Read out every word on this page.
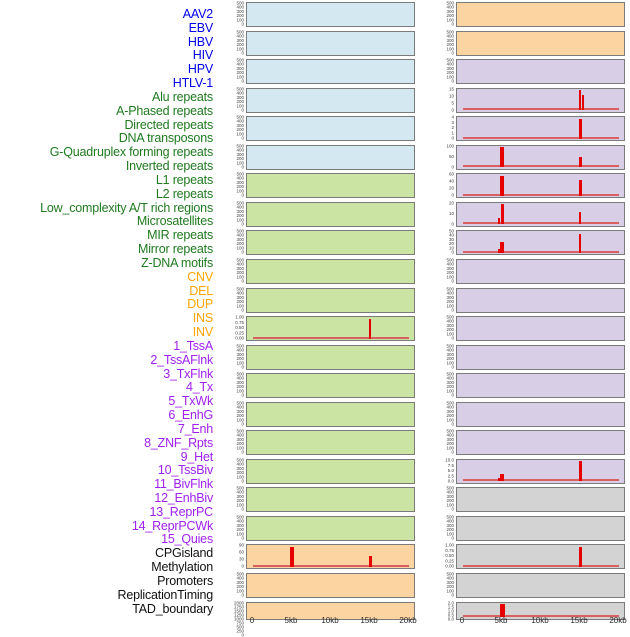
AAV2
EBV
HBV
HIV
HPV
HTLV-1
Alu repeats
A-Phased repeats
Directed repeats
DNA transposons
G-Quadruplex forming repeats
Inverted repeats
L1 repeats
L2 repeats
Low_complexity A/T rich regions
Microsatellites
MIR repeats
Mirror repeats
Z-DNA motifs
CNV
DEL
DUP
INS
INV
1_TssA
2_TssAFlnk
3_TxFlnk
4_Tx
5_TxWk
6_EnhG
7_Enh
8_ZNF_Rpts
9_Het
10_TssBiv
11_BivFlnk
12_EnhBiv
13_ReprPC
14_ReprPCWk
15_Quies
CPGisland
Methylation
Promoters
ReplicationTiming
TAD_boundary
500
400
300
200
100
0
500
400
300
200
100
0
500
400
300
200
100
0
500
400
300
200
100
0
500
400
300
200
100
0
500
400
300
200
100
0
500
400
300
200
100
0
500
400
300
200
100
0
500
400
300
200
100
0
500
400
300
200
100
0
500
400
300
200
100
0
1.00
0.75
0.50
0.25
0.00
500
400
300
200
100
0
500
400
300
200
100
0
500
400
300
200
100
0
500
400
300
200
100
0
500
400
300
200
100
0
500
400
300
200
100
0
500
400
300
200
100
0
90
60
30
0
500
400
300
200
100
0
2000
1750
1500
1250
1000
750
500
250
0
500
400
300
200
100
0
500
400
300
200
100
0
500
400
300
200
100
0
15
10
5
0
4
3
2
1
0
100
50
0
60
40
20
0
20
10
0
50
40
30
20
10
0
500
400
300
200
100
0
500
400
300
200
100
0
500
400
300
200
100
0
500
400
300
200
100
0
500
400
300
200
100
0
500
400
300
200
100
0
500
400
300
200
100
0
10.0
7.5
5.0
2.5
0.0
500
400
300
200
100
0
500
400
300
200
100
0
1.00
0.75
0.50
0.25
0.00
500
400
300
200
100
0
2.0
1.5
1.0
0.5
0.0
0	5kb	10kb	15kb	20kb	0	5kb	10kb	15kb	20kb
